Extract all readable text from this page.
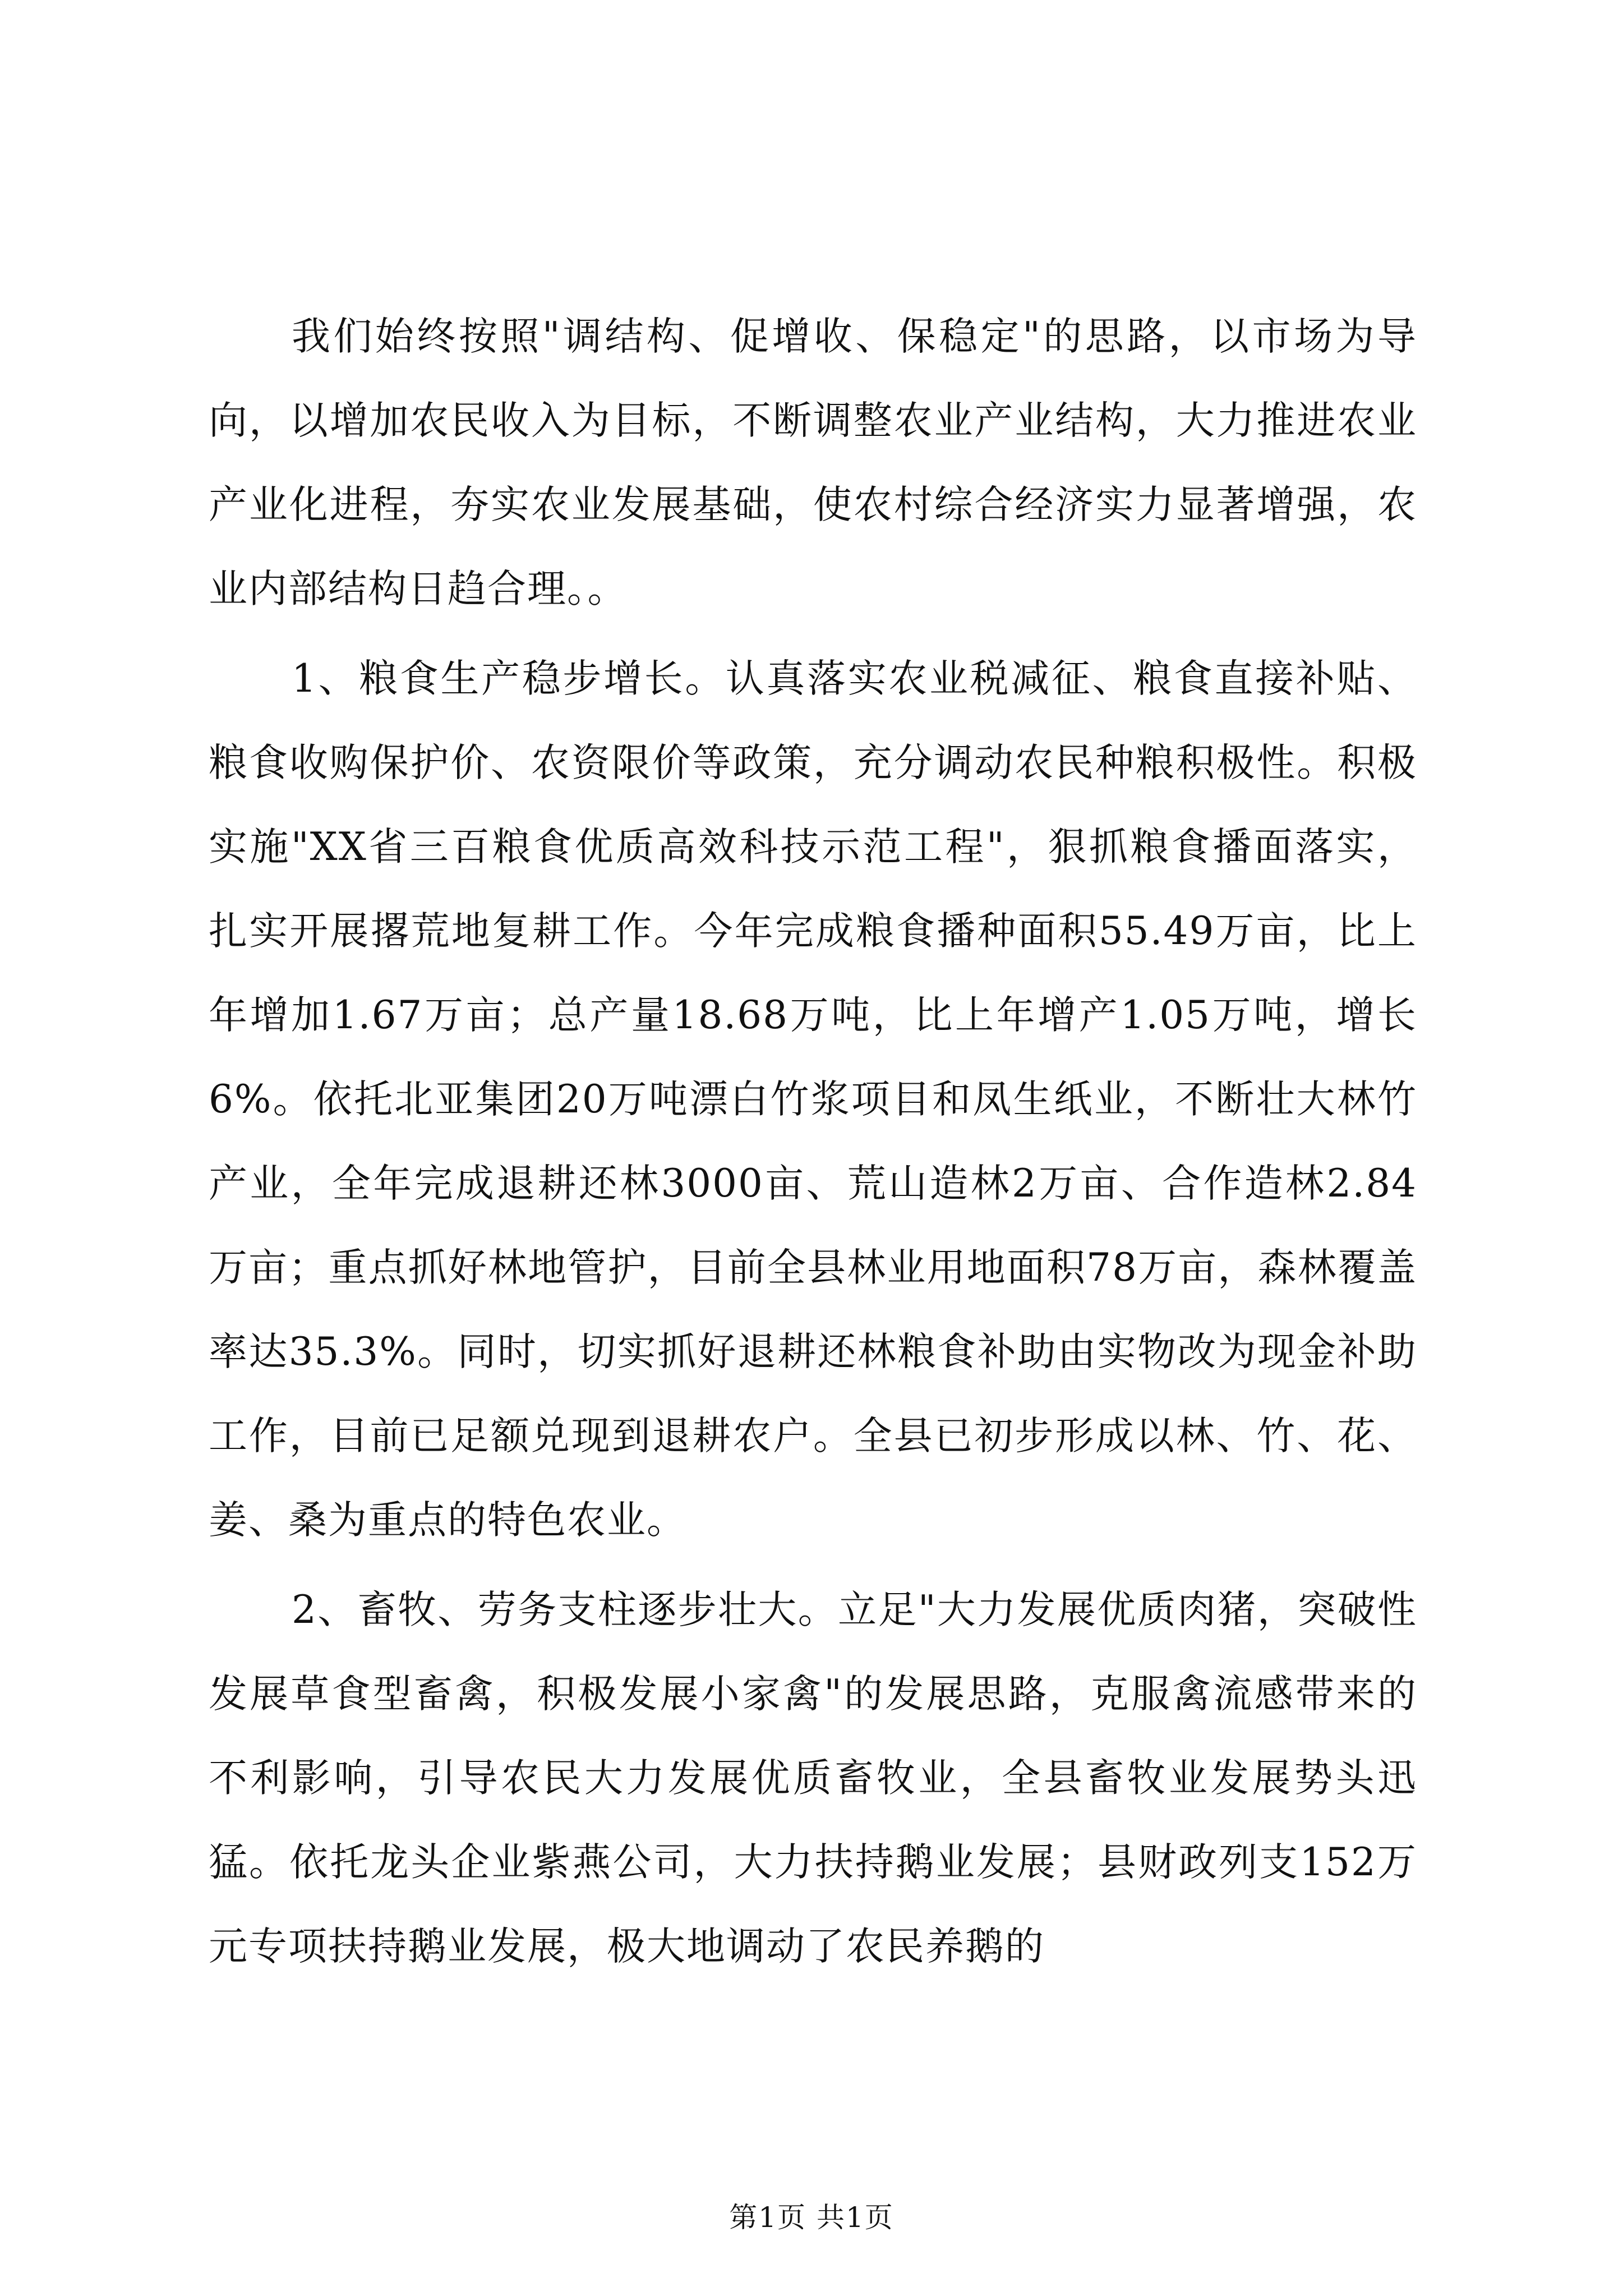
我们始终按照"调结构、促增收、保稳定"的思路，以市场为导向，以增加农民收入为目标，不断调整农业产业结构，大力推进农业产业化进程，夯实农业发展基础，使农村综合经济实力显著增强，农业内部结构日趋合理。。

1、粮食生产稳步增长。认真落实农业税减征、粮食直接补贴、粮食收购保护价、农资限价等政策，充分调动农民种粮积极性。积极实施"XX省三百粮食优质高效科技示范工程"，狠抓粮食播面落实，扎实开展撂荒地复耕工作。今年完成粮食播种面积55.49万亩，比上年增加1.67万亩；总产量18.68万吨，比上年增产1.05万吨，增长6%。依托北亚集团20万吨漂白竹浆项目和凤生纸业，不断壮大林竹产业，全年完成退耕还林3000亩、荒山造林2万亩、合作造林2.84万亩；重点抓好林地管护，目前全县林业用地面积78万亩，森林覆盖率达35.3%。同时，切实抓好退耕还林粮食补助由实物改为现金补助工作，目前已足额兑现到退耕农户。全县已初步形成以林、竹、花、姜、桑为重点的特色农业。

2、畜牧、劳务支柱逐步壮大。立足"大力发展优质肉猪，突破性发展草食型畜禽，积极发展小家禽"的发展思路，克服禽流感带来的不利影响，引导农民大力发展优质畜牧业，全县畜牧业发展势头迅猛。依托龙头企业紫燕公司，大力扶持鹅业发展；县财政列支152万元专项扶持鹅业发展，极大地调动了农民养鹅的

第1页 共1页
